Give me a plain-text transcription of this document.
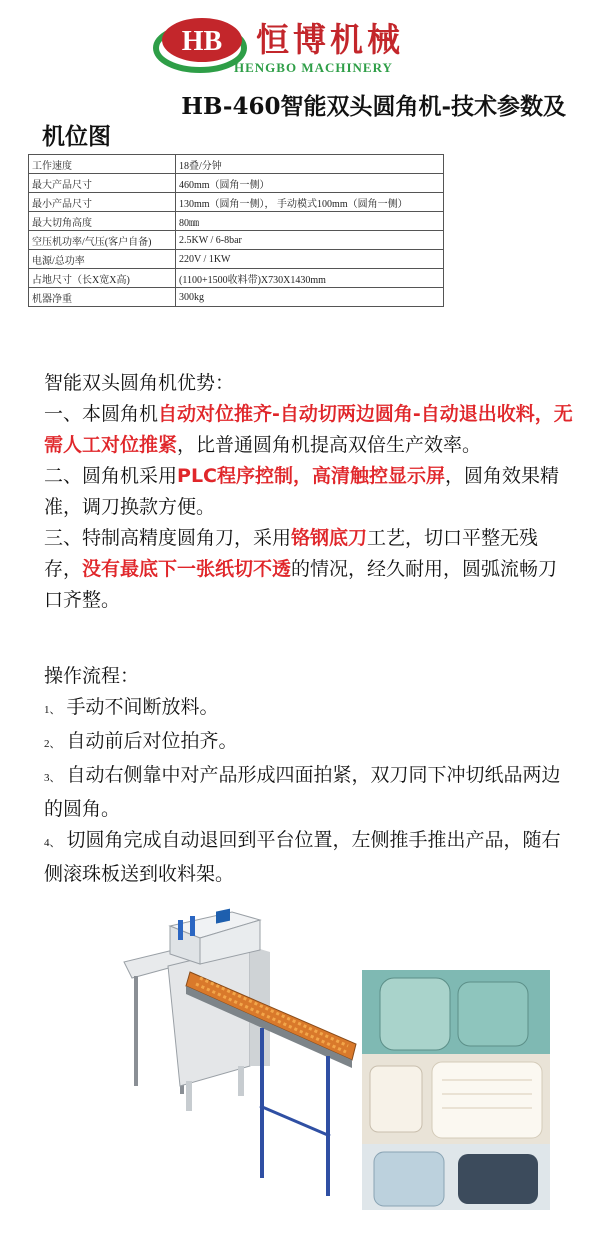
HB 恒博机械
HENGBO MACHINERY
HB-460智能双头圆角机-技术参数及
机位图
工作速度	18叠/分钟
最大产品尺寸	460mm（圆角一侧）
最小产品尺寸	130mm（圆角一侧）， 手动模式100mm（圆角一侧）
最大切角高度	80㎜
空压机功率/气压(客户自备)	2.5KW / 6-8bar
电源/总功率	220V / 1KW
占地尺寸（长X宽X高)	(1100+1500收料带)X730X1430mm
机器净重	300kg

智能双头圆角机优势：

一、本圆角机自动对位推齐-自动切两边圆角-自动退出收料，无需人工对位推紧，比普通圆角机提高双倍生产效率。

二、圆角机采用PLC程序控制，高清触控显示屏，圆角效果精准，调刀换款方便。

三、特制高精度圆角刀，采用铬钢底刀工艺，切口平整无残存，没有最底下一张纸切不透的情况，经久耐用，圆弧流畅刀口齐整。

操作流程：

1、 手动不间断放料。

2、 自动前后对位拍齐。

3、 自动右侧靠中对产品形成四面拍紧，双刀同下冲切纸品两边的圆角。

4、 切圆角完成自动退回到平台位置，左侧推手推出产品，随右侧滚珠板送到收料架。
